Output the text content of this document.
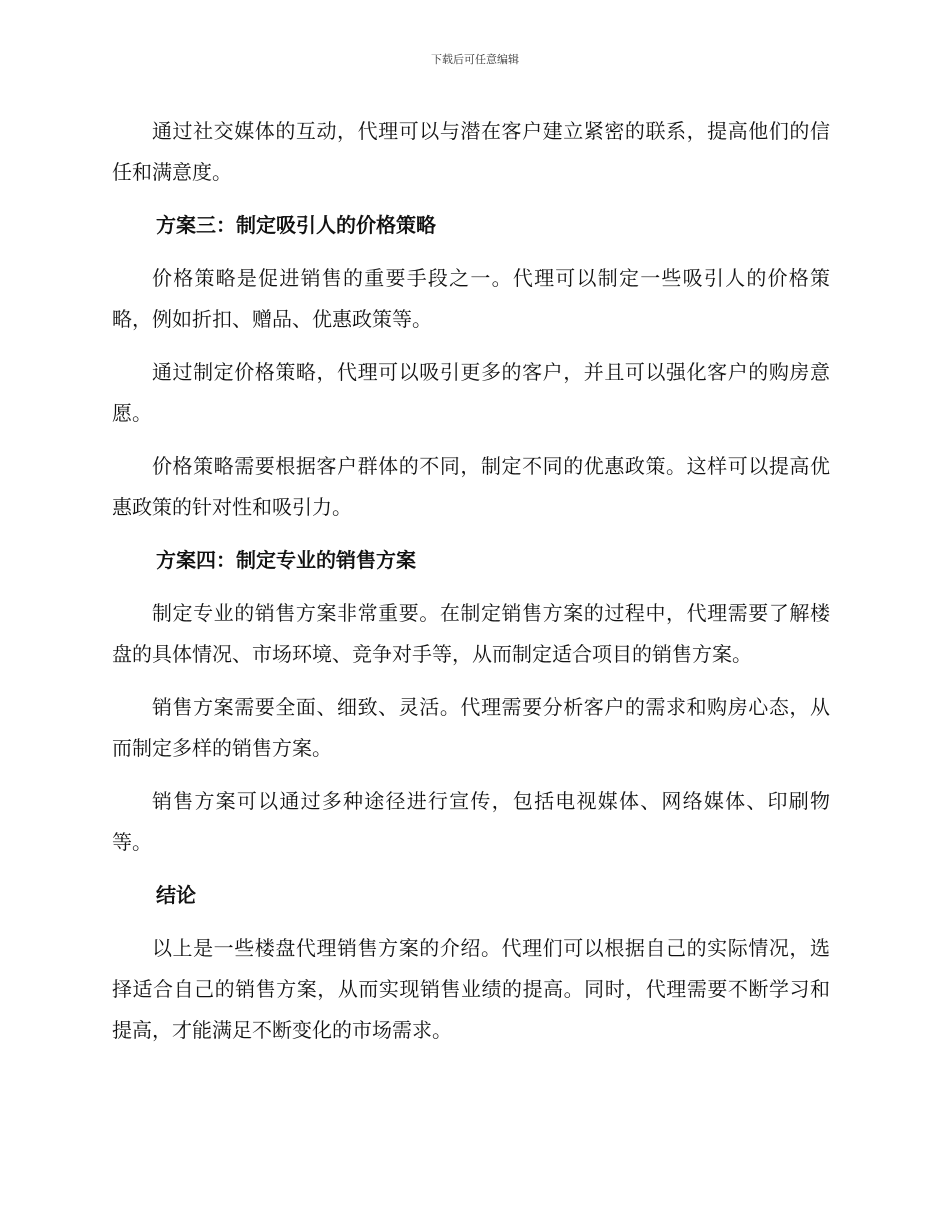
下载后可任意编辑

通过社交媒体的互动，代理可以与潜在客户建立紧密的联系，提高他们的信任和满意度。

方案三：制定吸引人的价格策略

价格策略是促进销售的重要手段之一。代理可以制定一些吸引人的价格策略，例如折扣、赠品、优惠政策等。

通过制定价格策略，代理可以吸引更多的客户，并且可以强化客户的购房意愿。

价格策略需要根据客户群体的不同，制定不同的优惠政策。这样可以提高优惠政策的针对性和吸引力。

方案四：制定专业的销售方案

制定专业的销售方案非常重要。在制定销售方案的过程中，代理需要了解楼盘的具体情况、市场环境、竞争对手等，从而制定适合项目的销售方案。

销售方案需要全面、细致、灵活。代理需要分析客户的需求和购房心态，从而制定多样的销售方案。

销售方案可以通过多种途径进行宣传，包括电视媒体、网络媒体、印刷物等。

结论

以上是一些楼盘代理销售方案的介绍。代理们可以根据自己的实际情况，选择适合自己的销售方案，从而实现销售业绩的提高。同时，代理需要不断学习和提高，才能满足不断变化的市场需求。
